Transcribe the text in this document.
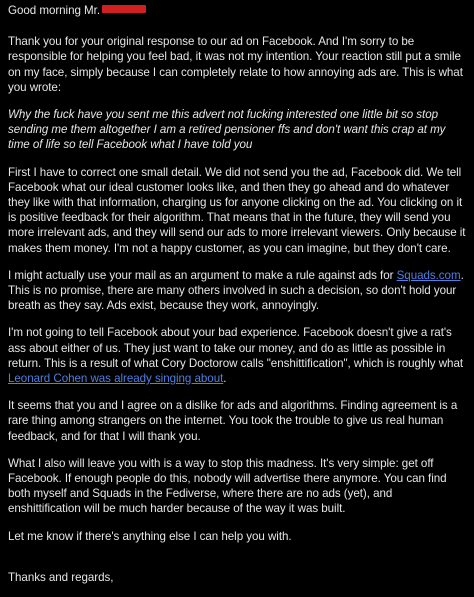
Good morning Mr.

Thank you for your original response to our ad on Facebook. And I'm sorry to be responsible for helping you feel bad, it was not my intention. Your reaction still put a smile on my face, simply because I can completely relate to how annoying ads are. This is what you wrote:

Why the fuck have you sent me this advert not fucking interested one little bit so stop sending me them altogether I am a retired pensioner ffs and don't want this crap at my time of life so tell Facebook what I have told you

First I have to correct one small detail. We did not send you the ad, Facebook did. We tell Facebook what our ideal customer looks like, and then they go ahead and do whatever they like with that information, charging us for anyone clicking on the ad. You clicking on it is positive feedback for their algorithm. That means that in the future, they will send you more irrelevant ads, and they will send our ads to more irrelevant viewers. Only because it makes them money. I'm not a happy customer, as you can imagine, but they don't care.

I might actually use your mail as an argument to make a rule against ads for Squads.com. This is no promise, there are many others involved in such a decision, so don't hold your breath as they say. Ads exist, because they work, annoyingly.

I'm not going to tell Facebook about your bad experience. Facebook doesn't give a rat's ass about either of us. They just want to take our money, and do as little as possible in return. This is a result of what Cory Doctorow calls "enshittification", which is roughly what Leonard Cohen was already singing about.

It seems that you and I agree on a dislike for ads and algorithms. Finding agreement is a rare thing among strangers on the internet. You took the trouble to give us real human feedback, and for that I will thank you.

What I also will leave you with is a way to stop this madness. It's very simple: get off Facebook. If enough people do this, nobody will advertise there anymore. You can find both myself and Squads in the Fediverse, where there are no ads (yet), and enshittification will be much harder because of the way it was built.

Let me know if there's anything else I can help you with.

Thanks and regards,
